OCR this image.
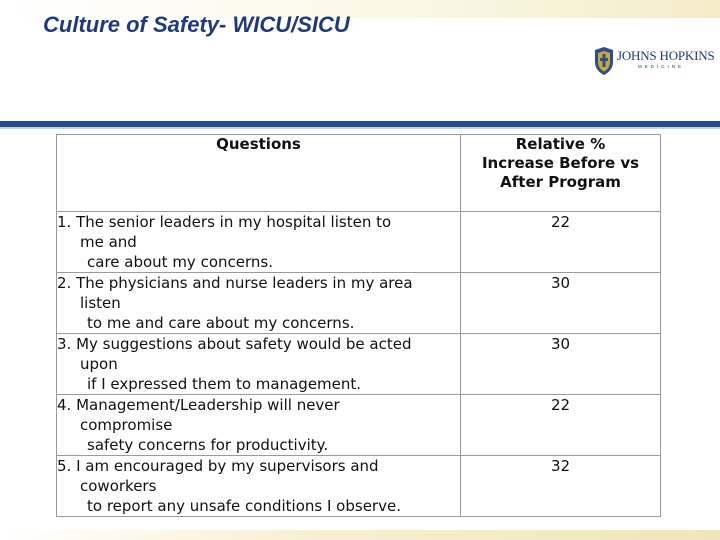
Culture of Safety- WICU/SICU
JOHNS HOPKINS
MEDICINE
Questions	Relative %
Increase Before vs
After Program

1. The senior leaders in my hospital listen to
me and
care about my concerns.	22

2. The physicians and nurse leaders in my area
listen
to me and care about my concerns.	30

3. My suggestions about safety would be acted
upon
if I expressed them to management.	30

4. Management/Leadership will never
compromise
safety concerns for productivity.	22

5. I am encouraged by my supervisors and
coworkers
to report any unsafe conditions I observe.	32
